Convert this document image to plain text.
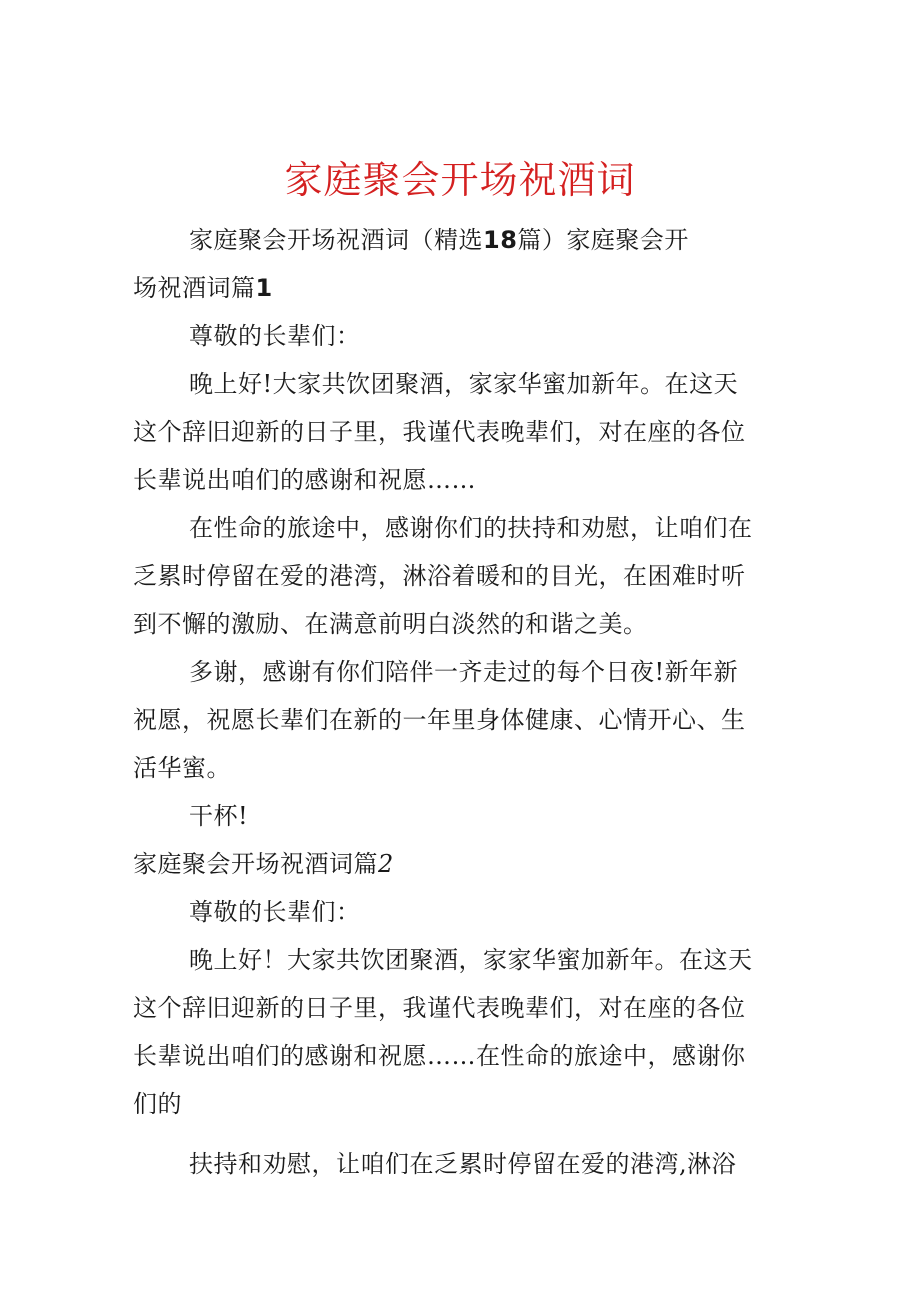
家庭聚会开场祝酒词
家庭聚会开场祝酒词（精选18篇）家庭聚会开
场祝酒词篇1
尊敬的长辈们：
晚上好!大家共饮团聚酒，家家华蜜加新年。在这天
这个辞旧迎新的日子里，我谨代表晚辈们，对在座的各位
长辈说出咱们的感谢和祝愿……
在性命的旅途中，感谢你们的扶持和劝慰，让咱们在
乏累时停留在爱的港湾，淋浴着暖和的目光，在困难时听
到不懈的激励、在满意前明白淡然的和谐之美。
多谢，感谢有你们陪伴一齐走过的每个日夜!新年新
祝愿，祝愿长辈们在新的一年里身体健康、心情开心、生
活华蜜。
干杯!
家庭聚会开场祝酒词篇2
尊敬的长辈们：
晚上好！大家共饮团聚酒，家家华蜜加新年。在这天
这个辞旧迎新的日子里，我谨代表晚辈们，对在座的各位
长辈说出咱们的感谢和祝愿……在性命的旅途中，感谢你
们的
扶持和劝慰，让咱们在乏累时停留在爱的港湾,淋浴
